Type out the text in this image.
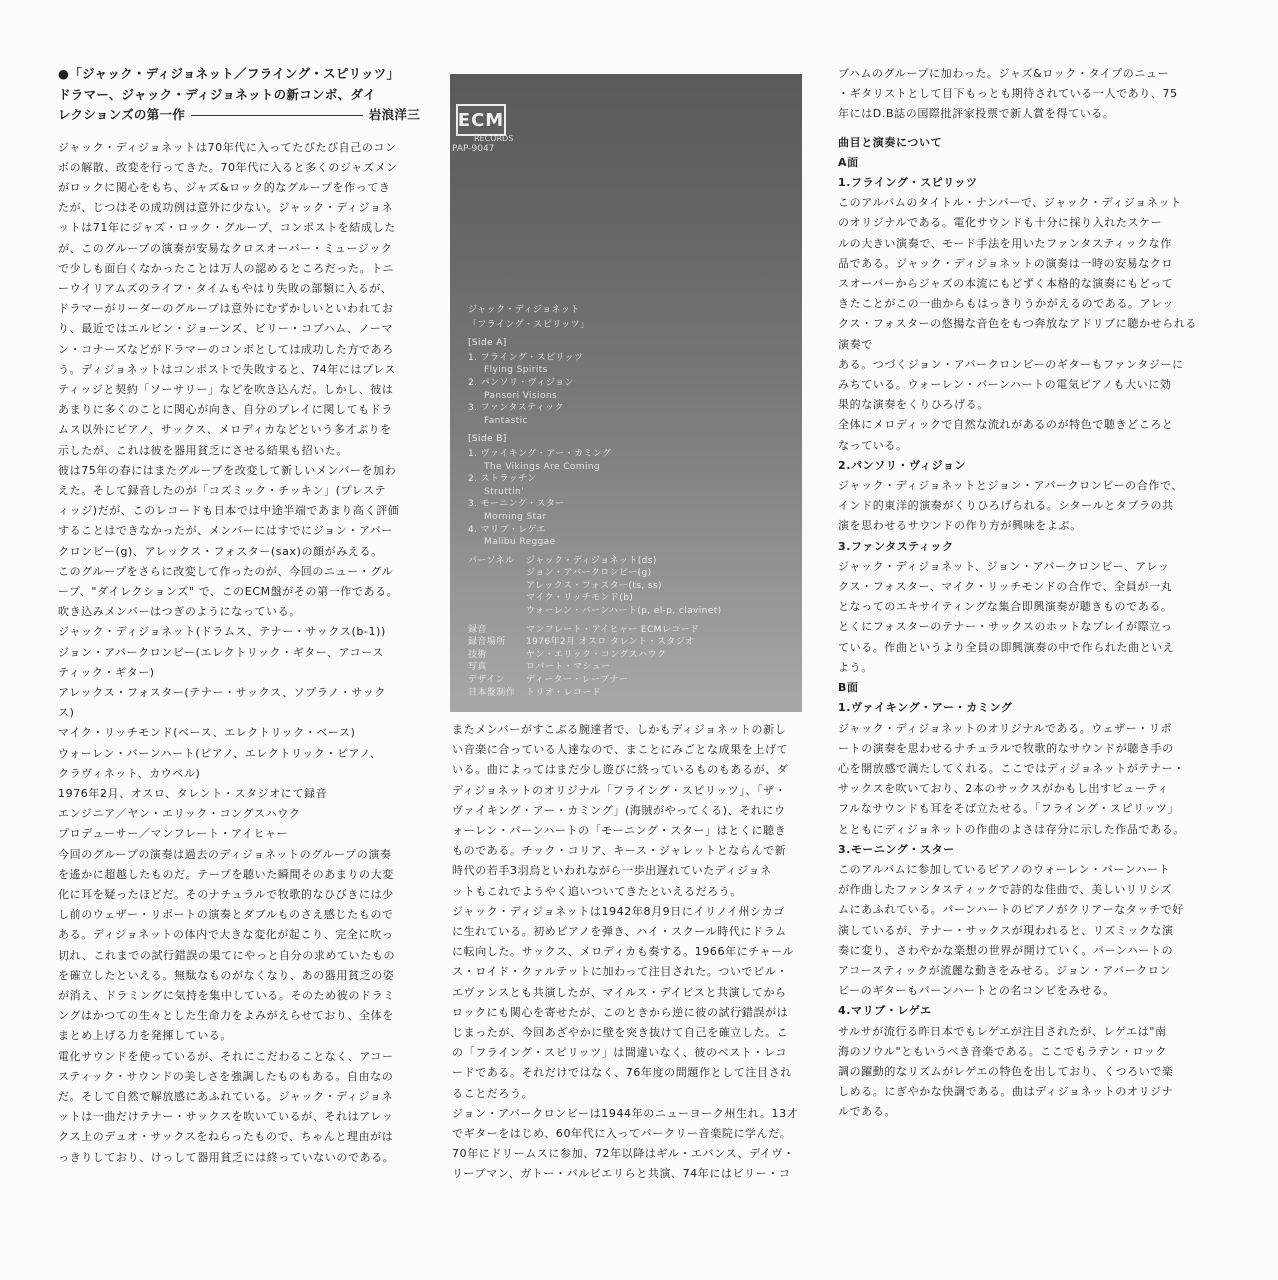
●「ジャック・ディジョネット／フライング・スピリッツ」
ドラマー、ジャック・ディジョネットの新コンボ、ダイ
レクションズの第一作	岩浪洋三

ジャック・ディジョネットは70年代に入ってたびたび自己のコン
ボの解散、改変を行ってきた。70年代に入ると多くのジャズメン
がロックに関心をもち、ジャズ&ロック的なグループを作ってき
たが、じつはその成功例は意外に少ない。ジャック・ディジョネ
ットは71年にジャズ・ロック・グループ、コンポストを結成した
が、このグループの演奏が安易なクロスオーバー・ミュージック
で少しも面白くなかったことは万人の認めるところだった。トニ
ーウイリアムズのライフ・タイムもやはり失敗の部類に入るが、
ドラマーがリーダーのグループは意外にむずかしいといわれてお
り、最近ではエルビン・ジョーンズ、ビリー・コブハム、ノーマ
ン・コナーズなどがドラマーのコンボとしては成功した方であろ
う。ディジョネットはコンポストで失敗すると、74年にはプレス
ティッジと契約「ソーサリー」などを吹き込んだ。しかし、彼は
あまりに多くのことに関心が向き、自分のプレイに関してもドラ
ムス以外にピアノ、サックス、メロディカなどという多才ぶりを
示したが、これは彼を器用貧乏にさせる結果も招いた。

彼は75年の春にはまたグループを改変して新しいメンバーを加わ
えた。そして録音したのが「コズミック・チッキン」(プレステ
ィッジ)だが、このレコードも日本では中途半端であまり高く評価
することはできなかったが、メンバーにはすでにジョン・アバー
クロンビー(g)、アレックス・フォスター(sax)の顔がみえる。
このグループをさらに改変して作ったのが、今回のニュー・グル
ープ、"ダイレクションズ" で、このECM盤がその第一作である。
吹き込みメンバーはつぎのようになっている。

ジャック・ディジョネット(ドラムス、テナー・サックス(b-1))
ジョン・アバークロンビー(エレクトリック・ギター、アコース
ティック・ギター)
アレックス・フォスター(テナー・サックス、ソプラノ・サック
ス)
マイク・リッチモンド(ベース、エレクトリック・ベース)
ウォーレン・バーンハート(ピアノ、エレクトリック・ピアノ、
クラヴィネット、カウベル)
1976年2月、オスロ、タレント・スタジオにて録音
エンジニア／ヤン・エリック・コングスハウク
プロデューサー／マンフレート・アイヒャー

今回のグループの演奏は過去のディジョネットのグループの演奏
を遙かに超越したものだ。テープを聴いた瞬間そのあまりの大変
化に耳を疑ったほどだ。そのナチュラルで牧歌的なひびきには少
し前のウェザー・リポートの演奏とダブルものさえ感じたもので
ある。ディジョネットの体内で大きな変化が起こり、完全に吹っ
切れ、これまでの試行錯誤の果てにやっと自分の求めていたもの
を確立したといえる。無駄なものがなくなり、あの器用貧乏の姿
が消え、ドラミングに気持を集中している。そのため彼のドラミ
ングはかつての生々とした生命力をよみがえらせており、全体を
まとめ上げる力を発揮している。

電化サウンドを使っているが、それにこだわることなく、アコー
スティック・サウンドの美しさを強調したものもある。自由なの
だ。そして自然で解放感にあふれている。ジャック・ディジョネ
ットは一曲だけテナー・サックスを吹いているが、それはアレッ
クス上のデュオ・サックスをねらったもので、ちゃんと理由がは
っきりしており、けっして器用貧乏には終っていないのである。

ECM
RECORDS
PAP-9047
ジャック・ディジョネット
「フライング・スピリッツ」
[Side A]
1. フライング・スピリッツ
Flying Spirits
2. パンソリ・ヴィジョン
Pansori Visions
3. ファンタスティック
Fantastic
[Side B]
1. ヴァイキング・アー・カミング
The Vikings Are Coming
2. ストラッチン
Struttin'
3. モーニング・スター
Morning Star
4. マリブ・レゲエ
Malibu Reggae
パーソネル	ジャック・ディジョネット(ds)
ジョン・アバークロンビー(g)
アレックス・フォスター(ts, ss)
マイク・リッチモンド(b)
ウォーレン・バーンハート(p, el-p, clavinet)
録音	マンフレート・アイヒャー ECMレコード
録音場所	1976年2月 オスロ タレント・スタジオ
技術	ヤン・エリック・コングスハウク
写真	ロバート・マシュー
デザイン	ディーター・レーブナー
日本盤制作	トリオ・レコード

またメンバーがすこぶる腕達者で、しかもディジョネットの新し
い音楽に合っている人達なので、まことにみごとな成果を上げて
いる。曲によってはまだ少し遊びに終っているものもあるが、ダ
ディジョネットのオリジナル「フライング・スピリッツ」、「ザ・
ヴァイキング・アー・カミング」(海賊がやってくる)、それにウ
ォーレン・バーンハートの「モーニング・スター」はとくに聴き
ものである。チック・コリア、キース・ジャレットとならんで新
時代の若手3羽烏といわれながら一歩出遅れていたディジョネ
ットもこれでようやく追いついてきたといえるだろう。

ジャック・ディジョネットは1942年8月9日にイリノイ州シカゴ
に生れている。初めピアノを弾き、ハイ・スクール時代にドラム
に転向した。サックス、メロディカも奏する。1966年にチャール
ス・ロイド・クァルテットに加わって注目された。ついでビル・
エヴァンスとも共演したが、マイルス・デイビスと共演してから
ロックにも関心を寄せたが、このときから逆に彼の試行錯誤がは
じまったが、今回あざやかに壁を突き抜けて自己を確立した。こ
の「フライング・スピリッツ」は間違いなく、彼のベスト・レコ
ードである。それだけではなく、76年度の問題作として注目され
ることだろう。

ジョン・アバークロンビーは1944年のニューヨーク州生れ。13才
でギターをはじめ、60年代に入ってバークリー音楽院に学んだ。
70年にドリームスに参加、72年以降はギル・エバンス、デイヴ・
リーブマン、ガトー・バルビエリらと共演、74年にはビリー・コ

ブハムのグループに加わった。ジャズ&ロック・タイプのニュー
・ギタリストとして目下もっとも期待されている一人であり、75
年にはD.B誌の国際批評家投票で新人賞を得ている。

曲目と演奏について
A面
1.フライング・スピリッツ

このアルバムのタイトル・ナンバーで、ジャック・ディジョネット
のオリジナルである。電化サウンドも十分に採り入れたスケー
ルの大きい演奏で、モード手法を用いたファンタスティックな作
品である。ジャック・ディジョネットの演奏は一時の安易なクロ
スオーバーからジャズの本流にもどずく本格的な演奏にもどって
きたことがこの一曲からもはっきりうかがえるのである。アレッ
クス・フォスターの悠揚な音色をもつ奔放なアドリブに聴かせられる演奏で
ある。つづくジョン・アバークロンビーのギターもファンタジーに
みちている。ウォーレン・バーンハートの電気ピアノも大いに効
果的な演奏をくりひろげる。
全体にメロディックで自然な流れがあるのが特色で聴きどころと
なっている。

2.パンソリ・ヴィジョン

ジャック・ディジョネットとジョン・アバークロンビーの合作で、
インド的東洋的演奏がくりひろげられる。シタールとタブラの共
演を思わせるサウンドの作り方が興味をよぶ。

3.ファンタスティック

ジャック・ディジョネット、ジョン・アバークロンビー、アレッ
クス・フォスター、マイク・リッチモンドの合作で、全員が一丸
となってのエキサイティングな集合即興演奏が聴きものである。
とくにフォスターのテナー・サックスのホットなプレイが際立っ
ている。作曲というより全員の即興演奏の中で作られた曲といえ
よう。

B面
1.ヴァイキング・アー・カミング

ジャック・ディジョネットのオリジナルである。ウェザー・リポ
ートの演奏を思わせるナチュラルで牧歌的なサウンドが聴き手の
心を開放感で満たしてくれる。ここではディジョネットがテナー・
サックスを吹いており、2本のサックスがかもし出すビューティ
フルなサウンドも耳をそば立たせる。「フライング・スピリッツ」
とともにディジョネットの作曲のよさは存分に示した作品である。

3.モーニング・スター

このアルバムに参加しているピアノのウォーレン・バーンハート
が作曲したファンタスティックで詩的な佳曲で、美しいリリシズ
ムにあふれている。バーンハートのピアノがクリアーなタッチで好
演しているが、テナー・サックスが現われると、リズミックな演
奏に変り、さわやかな楽想の世界が開けていく。バーンハートの
アコースティックが流麗な動きをみせる。ジョン・アバークロン
ビーのギターもバーンハートとの名コンビをみせる。

4.マリブ・レゲエ

サルサが流行る昨日本でもレゲエが注目されたが、レゲエは"南
海のソウル"ともいうべき音楽である。ここでもラテン・ロック
調の躍動的なリズムがレゲエの特色を出しており、くつろいで楽
しめる。にぎやかな快調である。曲はディジョネットのオリジナ
ルである。
